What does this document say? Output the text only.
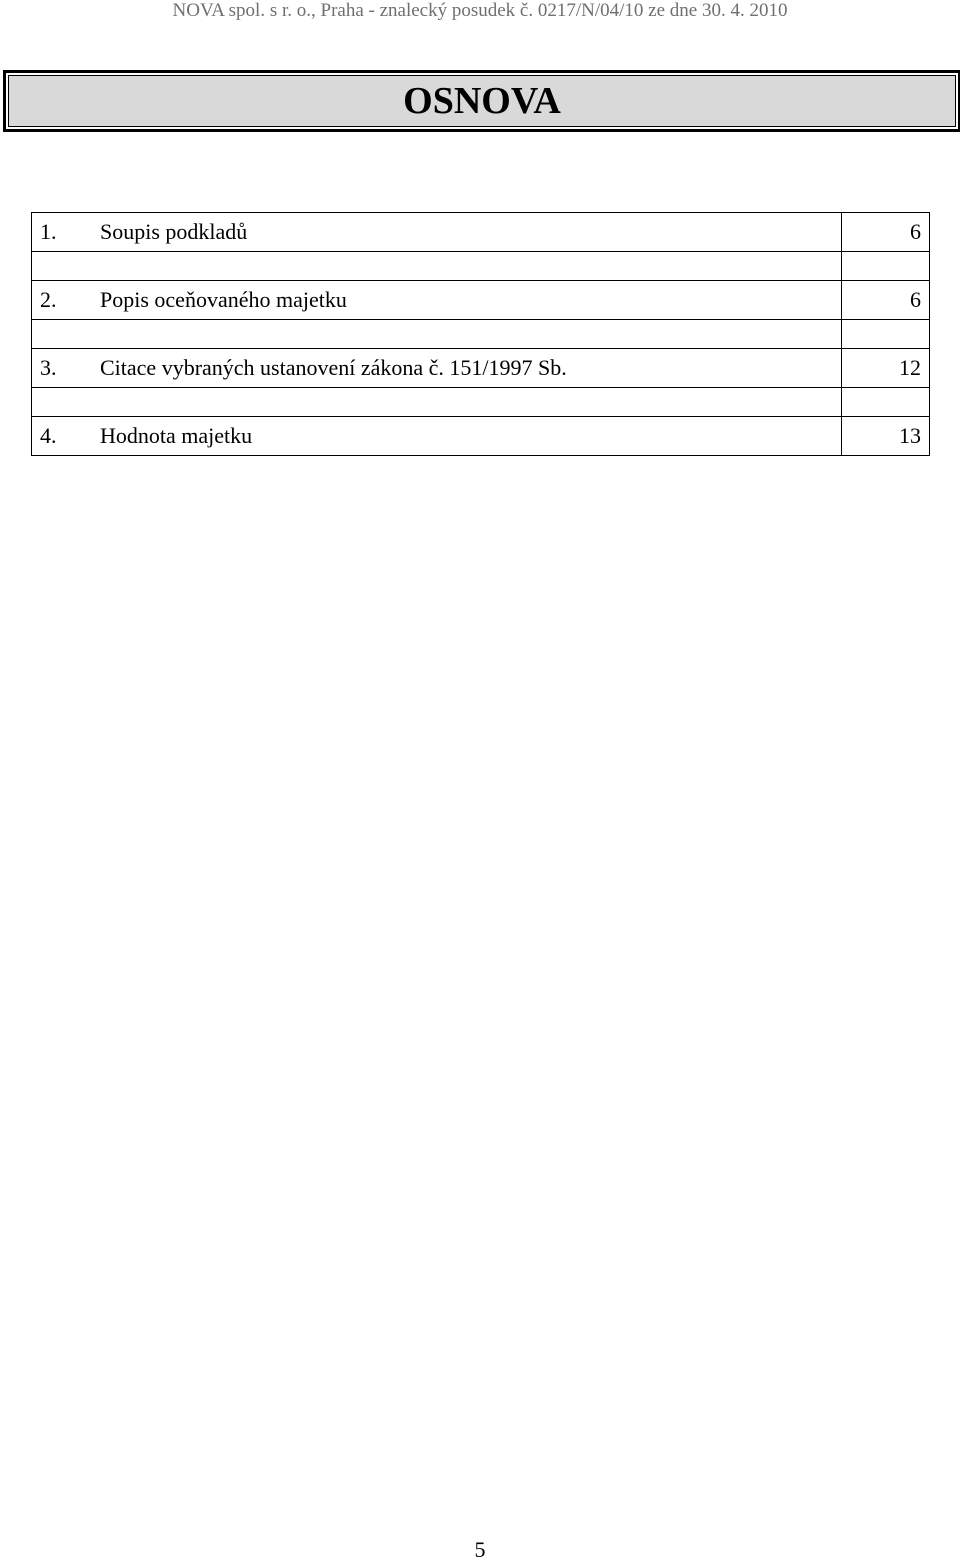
NOVA spol. s r. o., Praha - znalecký posudek č. 0217/N/04/10 ze dne 30. 4. 2010
OSNOVA
1. Soupis podkladů	6

2. Popis oceňovaného majetku	6

3. Citace vybraných ustanovení zákona č. 151/1997 Sb.	12

4. Hodnota majetku	13
5
